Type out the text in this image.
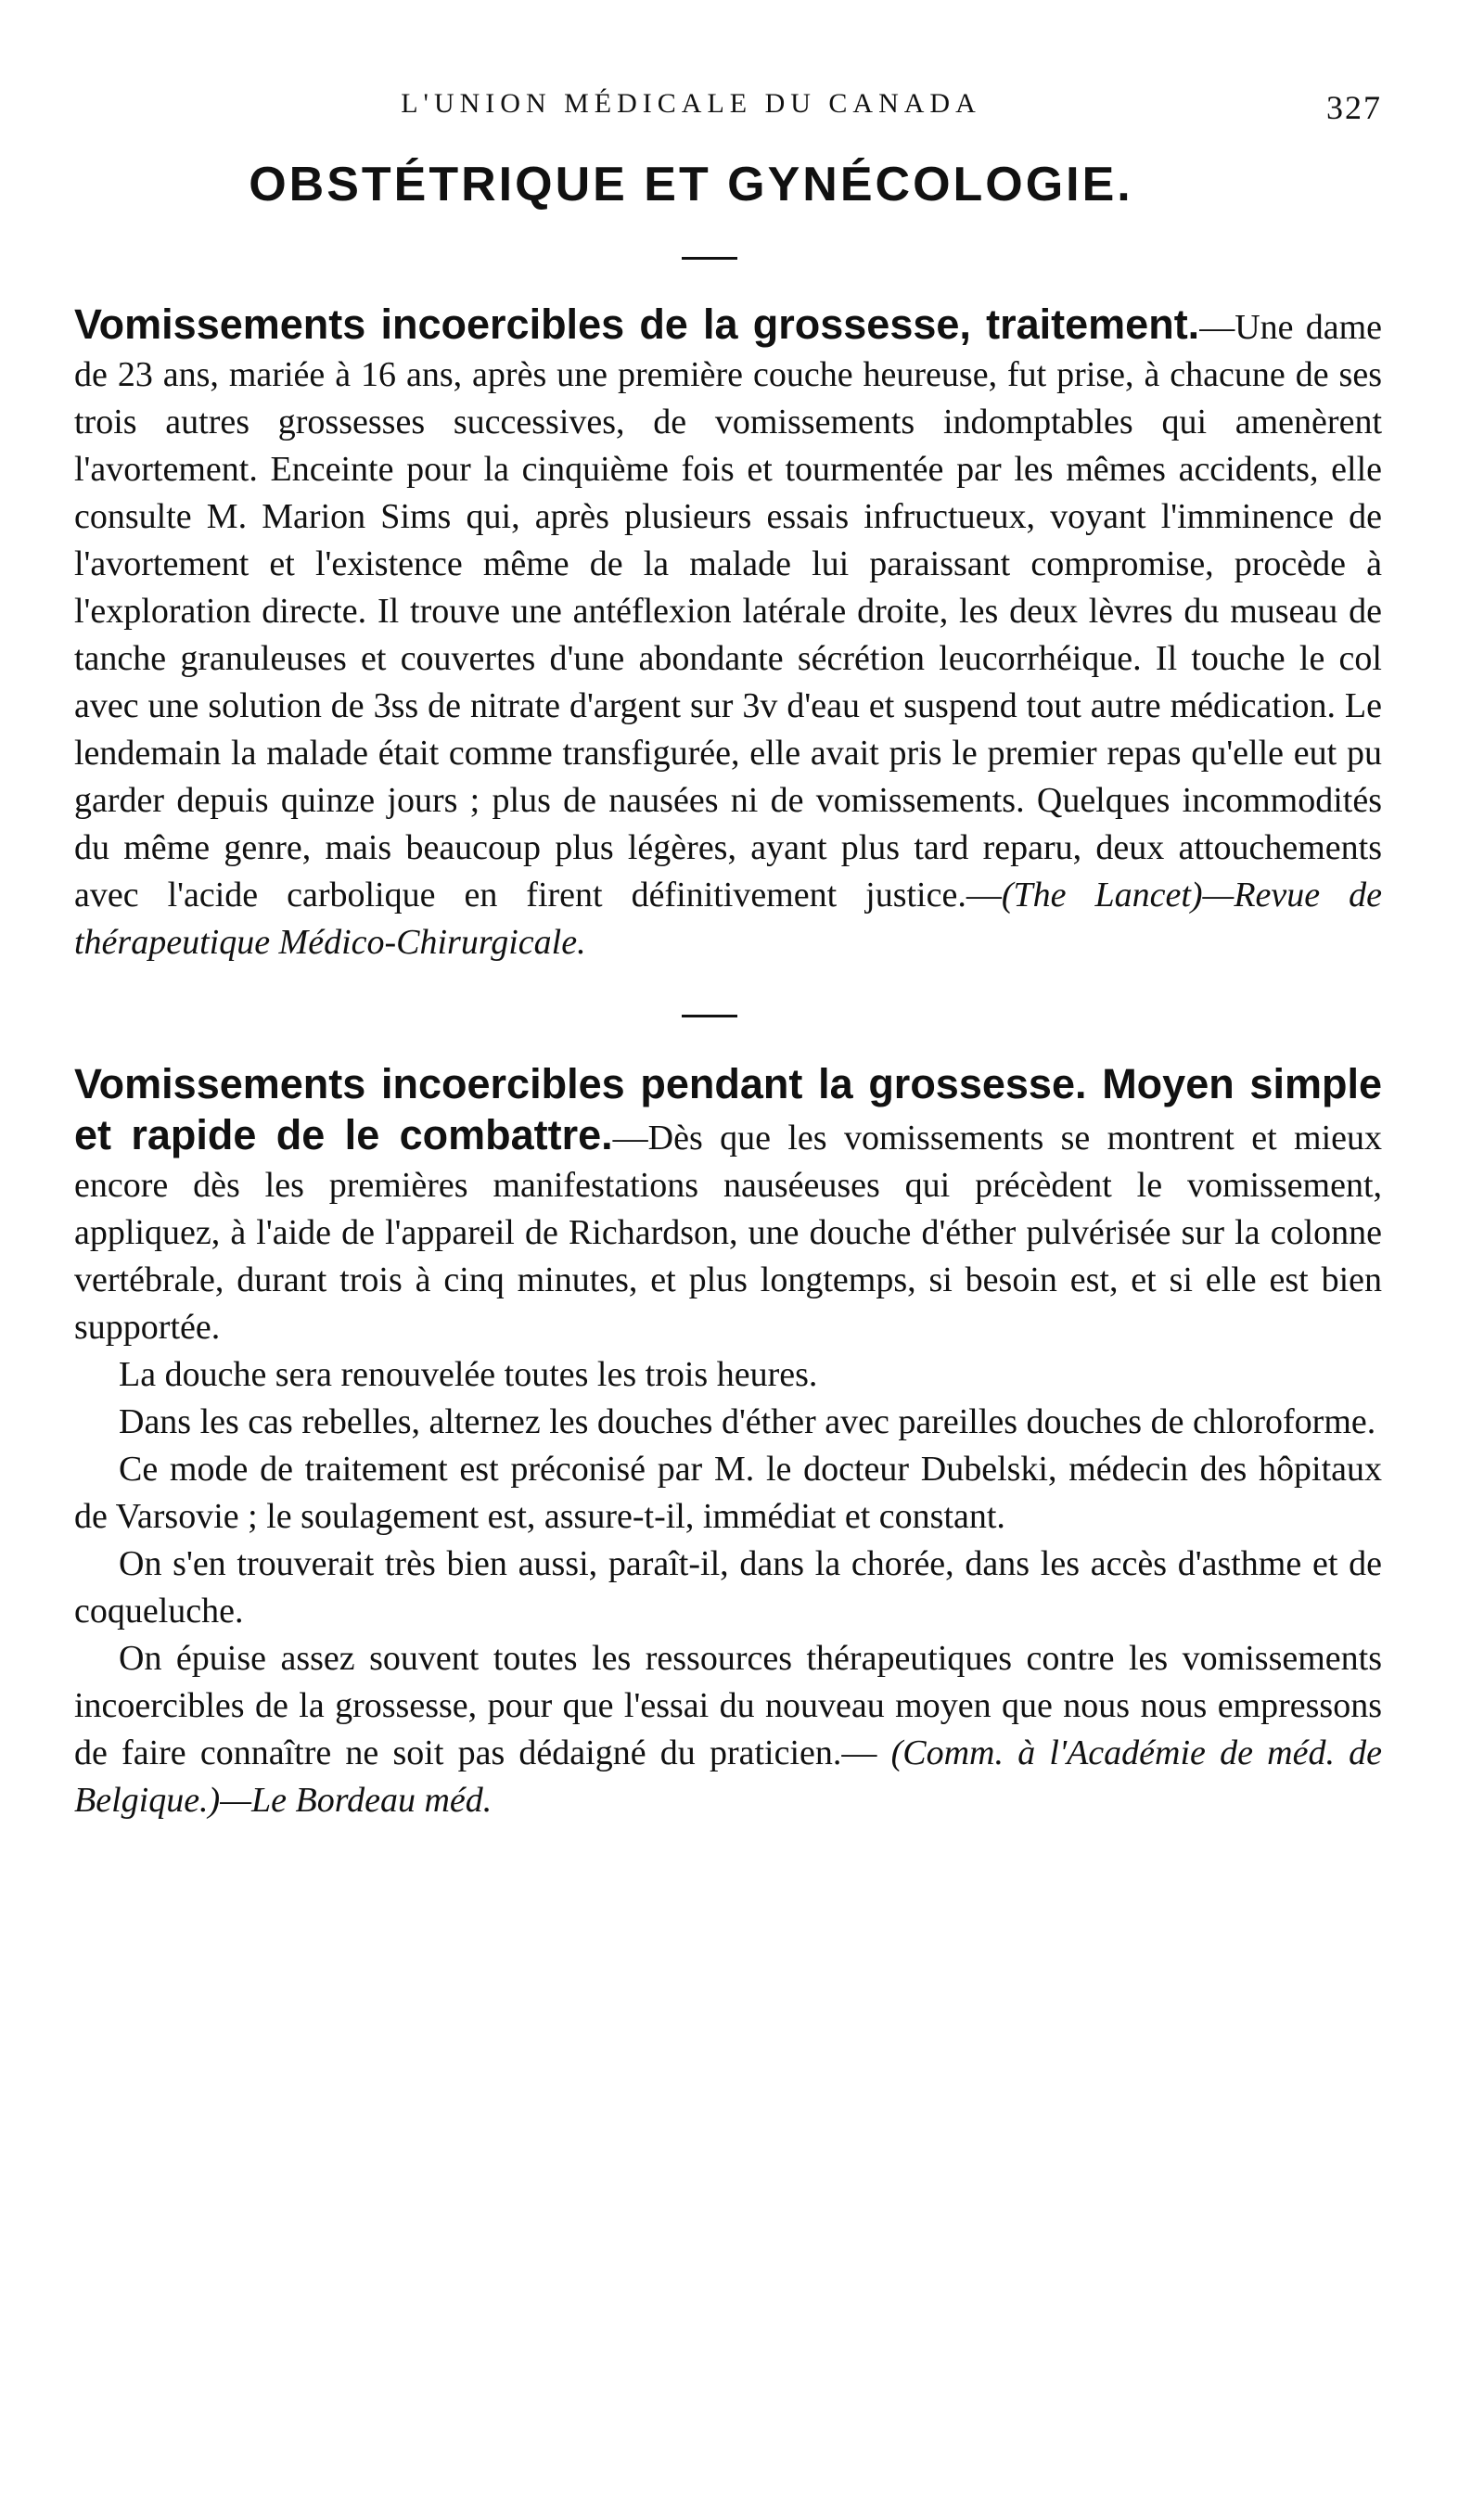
L'UNION MÉDICALE DU CANADA	327
OBSTÉTRIQUE ET GYNÉCOLOGIE.

Vomissements incoercibles de la grossesse, traitement.—Une dame de 23 ans, mariée à 16 ans, après une première couche heureuse, fut prise, à chacune de ses trois autres grossesses successives, de vomissements indomptables qui amenèrent l'avortement. Enceinte pour la cinquième fois et tourmentée par les mêmes accidents, elle consulte M. Marion Sims qui, après plusieurs essais infructueux, voyant l'imminence de l'avortement et l'existence même de la malade lui paraissant compromise, procède à l'exploration directe. Il trouve une antéflexion latérale droite, les deux lèvres du museau de tanche granuleuses et couvertes d'une abondante sécrétion leucorrhéique. Il touche le col avec une solution de 3ss de nitrate d'argent sur 3v d'eau et suspend tout autre médication. Le lendemain la malade était comme transfigurée, elle avait pris le premier repas qu'elle eut pu garder depuis quinze jours ; plus de nausées ni de vomissements. Quelques incommodités du même genre, mais beaucoup plus légères, ayant plus tard reparu, deux attouchements avec l'acide carbolique en firent définitivement justice.—(The Lancet)—Revue de thérapeutique Médico-Chirurgicale.

Vomissements incoercibles pendant la grossesse. Moyen simple et rapide de le combattre.—Dès que les vomissements se montrent et mieux encore dès les premières manifestations nauséeuses qui précèdent le vomissement, appliquez, à l'aide de l'appareil de Richardson, une douche d'éther pulvérisée sur la colonne vertébrale, durant trois à cinq minutes, et plus longtemps, si besoin est, et si elle est bien supportée.

La douche sera renouvelée toutes les trois heures.

Dans les cas rebelles, alternez les douches d'éther avec pareilles douches de chloroforme.

Ce mode de traitement est préconisé par M. le docteur Dubelski, médecin des hôpitaux de Varsovie ; le soulagement est, assure-t-il, immédiat et constant.

On s'en trouverait très bien aussi, paraît-il, dans la chorée, dans les accès d'asthme et de coqueluche.

On épuise assez souvent toutes les ressources thérapeutiques contre les vomissements incoercibles de la grossesse, pour que l'essai du nouveau moyen que nous nous empressons de faire connaître ne soit pas dédaigné du praticien.— (Comm. à l'Académie de méd. de Belgique.)—Le Bordeau méd.
